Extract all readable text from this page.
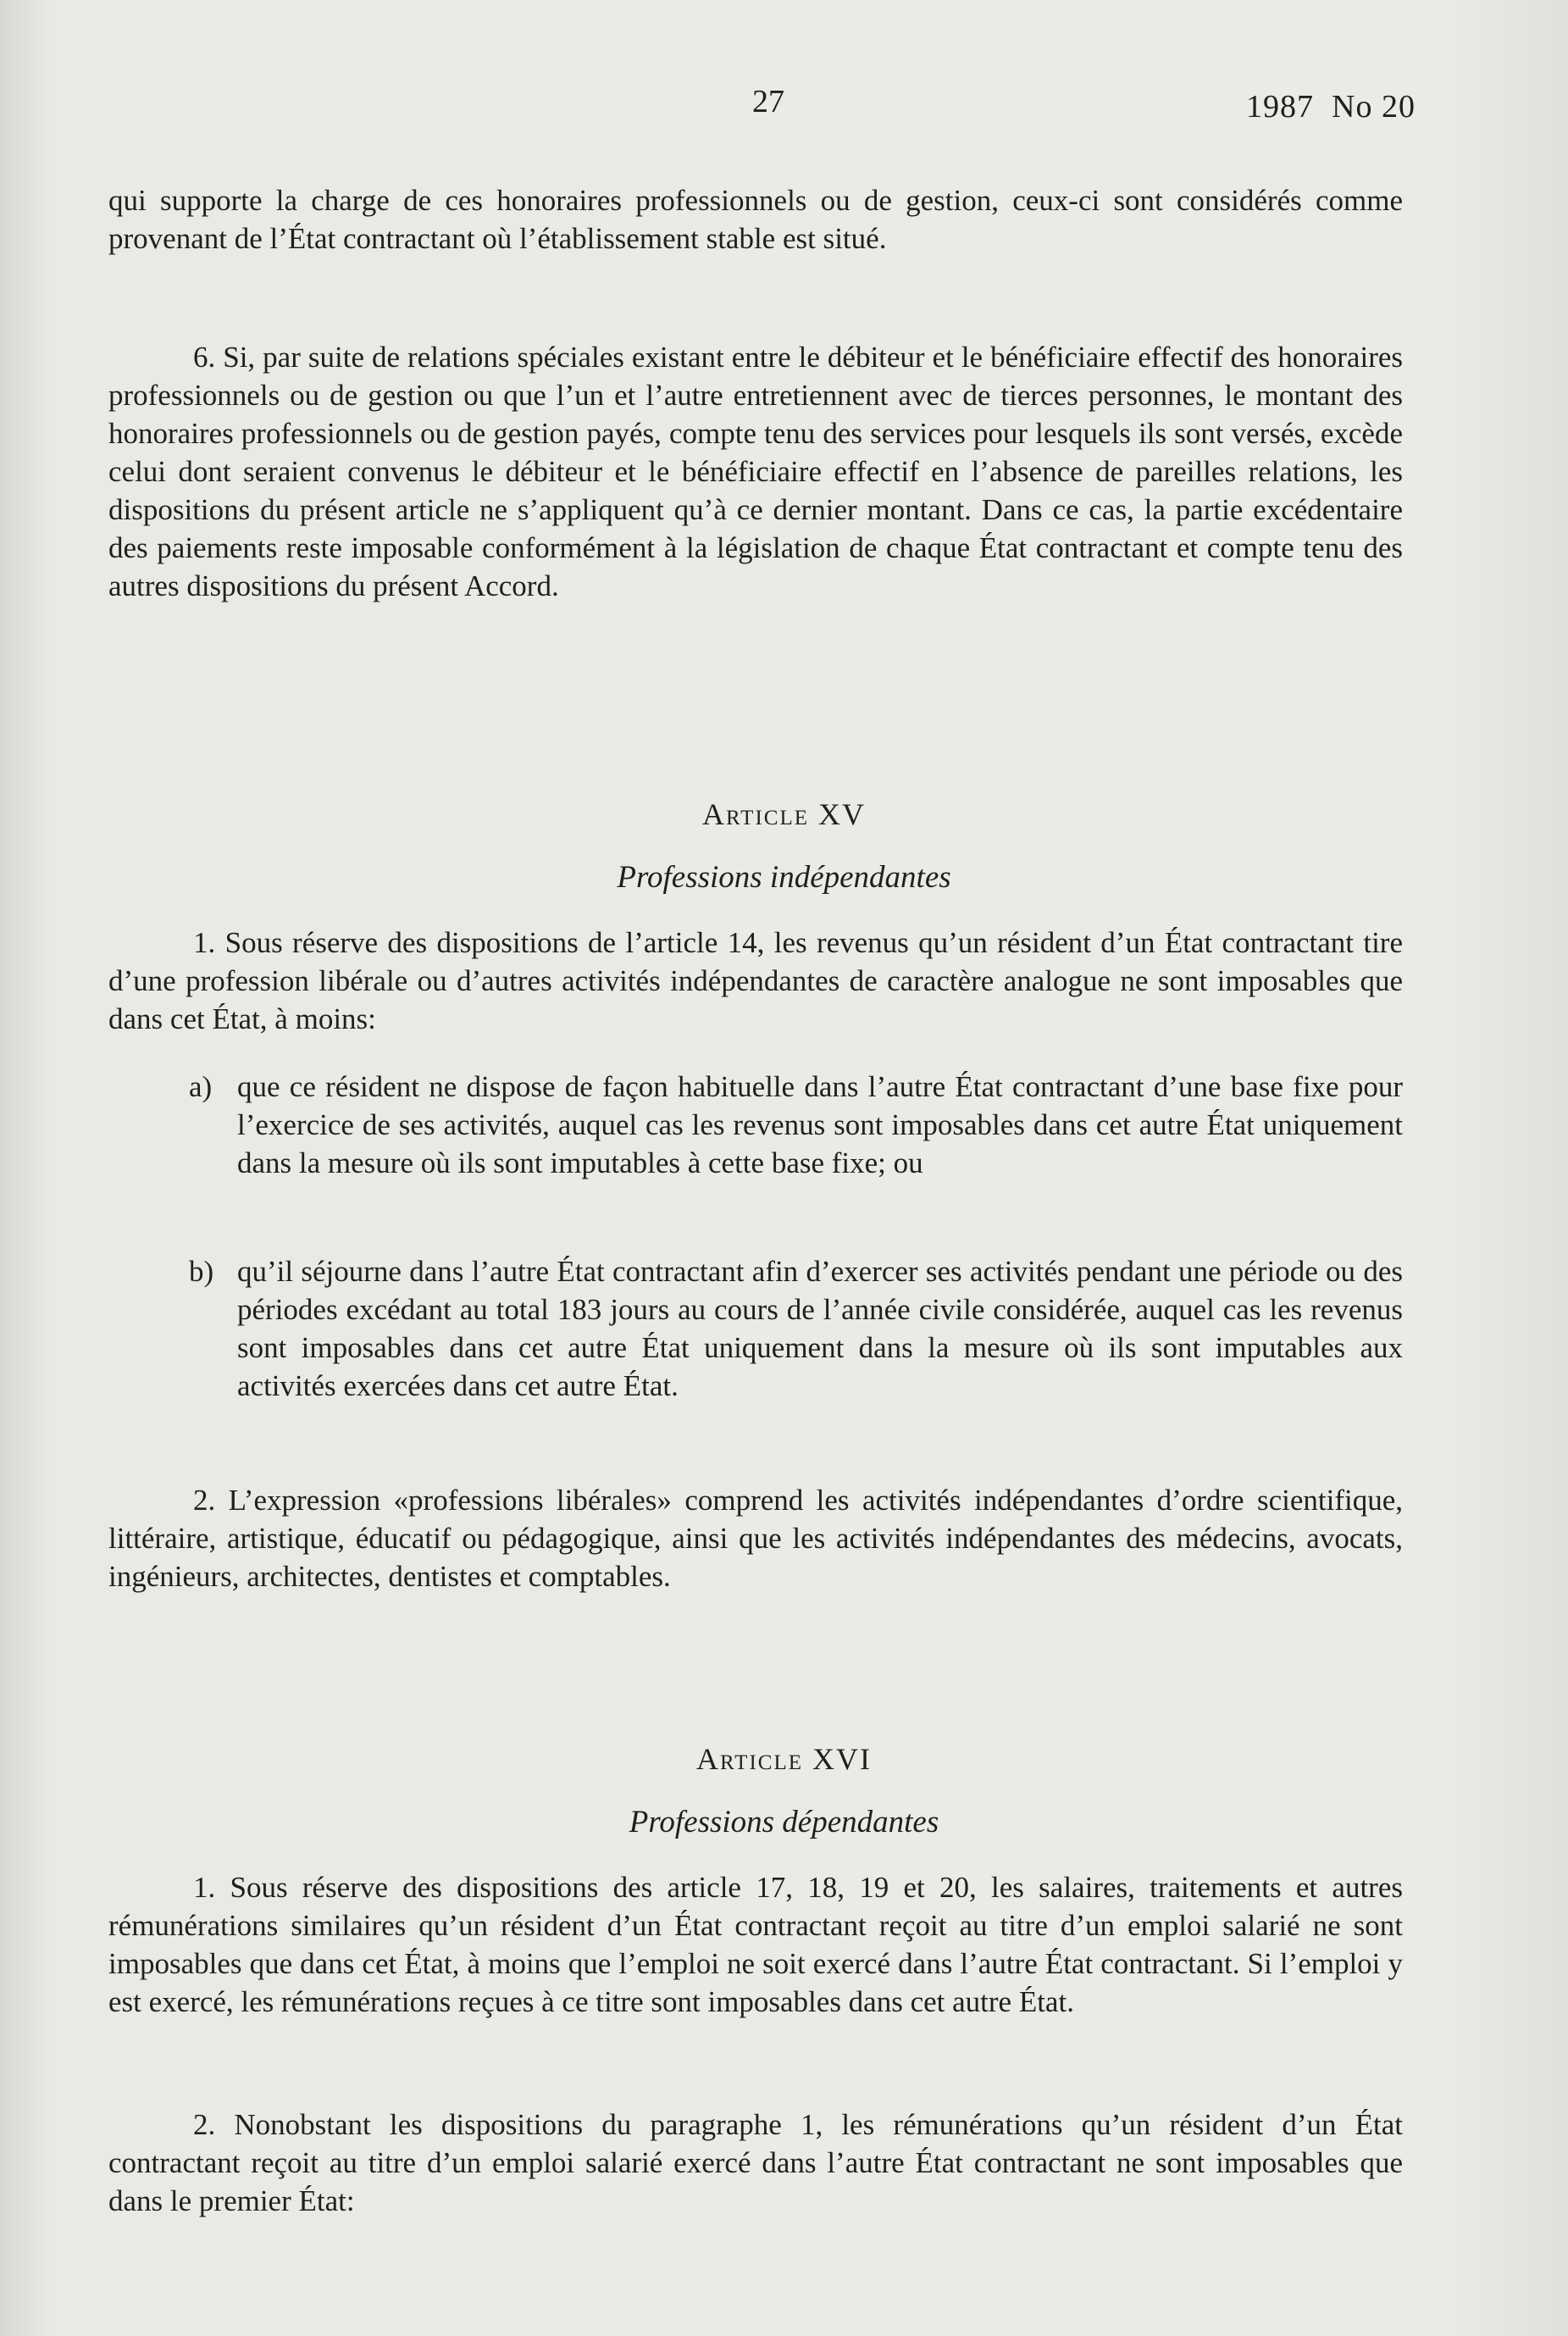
27	1987 No 20

qui supporte la charge de ces honoraires professionnels ou de gestion, ceux-ci sont considérés comme provenant de l’État contractant où l’établissement stable est situé.

6. Si, par suite de relations spéciales existant entre le débiteur et le bénéficiaire effectif des honoraires professionnels ou de gestion ou que l’un et l’autre entretiennent avec de tierces personnes, le montant des honoraires professionnels ou de gestion payés, compte tenu des services pour lesquels ils sont versés, excède celui dont seraient convenus le débiteur et le bénéficiaire effectif en l’absence de pareilles relations, les dispositions du présent article ne s’appliquent qu’à ce dernier montant. Dans ce cas, la partie excédentaire des paiements reste imposable conformément à la législation de chaque État contractant et compte tenu des autres dispositions du présent Accord.

Article XV
Professions indépendantes

1. Sous réserve des dispositions de l’article 14, les revenus qu’un résident d’un État contractant tire d’une profession libérale ou d’autres activités indépendantes de caractère analogue ne sont imposables que dans cet État, à moins:

a) que ce résident ne dispose de façon habituelle dans l’autre État contractant d’une base fixe pour l’exercice de ses activités, auquel cas les revenus sont imposables dans cet autre État uniquement dans la mesure où ils sont imputables à cette base fixe; ou
b) qu’il séjourne dans l’autre État contractant afin d’exercer ses activités pendant une période ou des périodes excédant au total 183 jours au cours de l’année civile considérée, auquel cas les revenus sont imposables dans cet autre État uniquement dans la mesure où ils sont imputables aux activités exercées dans cet autre État.

2. L’expression «professions libérales» comprend les activités indépendantes d’ordre scientifique, littéraire, artistique, éducatif ou pédagogique, ainsi que les activités indépendantes des médecins, avocats, ingénieurs, architectes, dentistes et comptables.

Article XVI
Professions dépendantes

1. Sous réserve des dispositions des article 17, 18, 19 et 20, les salaires, traitements et autres rémunérations similaires qu’un résident d’un État contractant reçoit au titre d’un emploi salarié ne sont imposables que dans cet État, à moins que l’emploi ne soit exercé dans l’autre État contractant. Si l’emploi y est exercé, les rémunérations reçues à ce titre sont imposables dans cet autre État.

2. Nonobstant les dispositions du paragraphe 1, les rémunérations qu’un résident d’un État contractant reçoit au titre d’un emploi salarié exercé dans l’autre État contractant ne sont imposables que dans le premier État:
